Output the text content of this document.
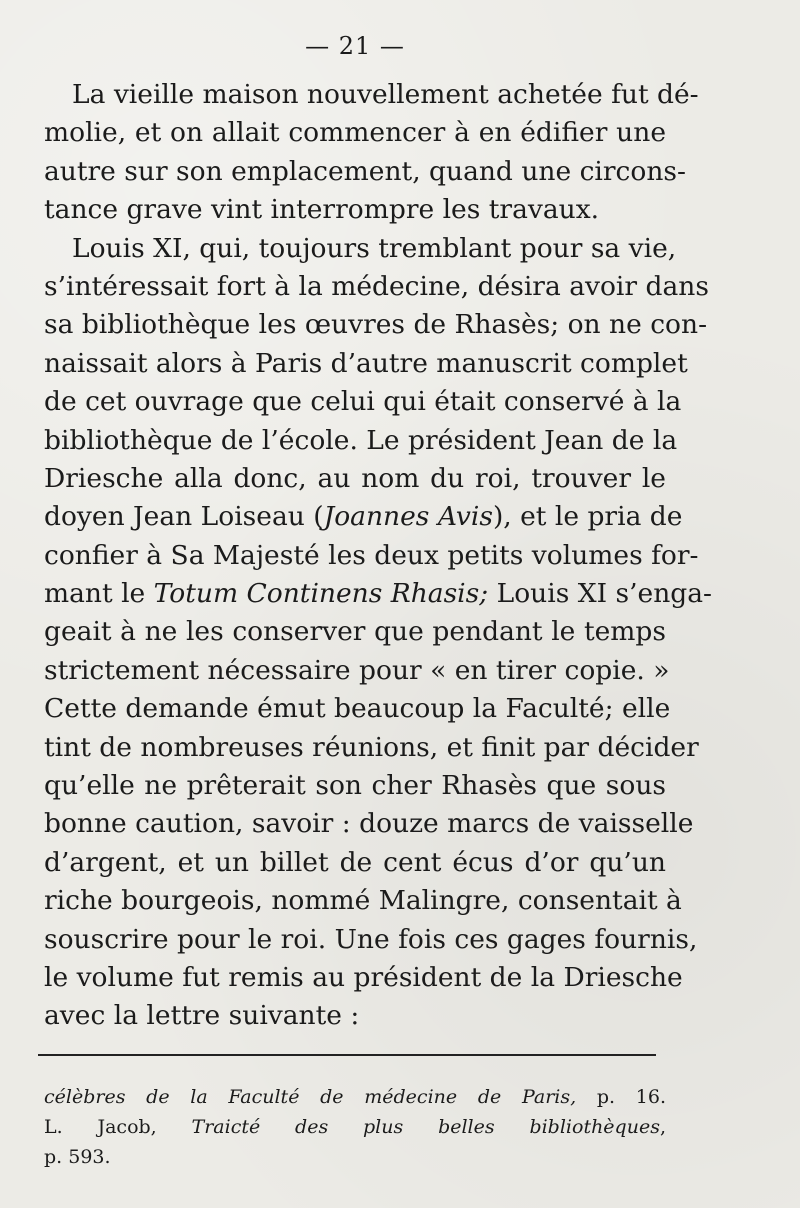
— 21 —
La vieille maison nouvellement achetée fut dé-
molie, et on allait commencer à en édifier une
autre sur son emplacement, quand une circons-
tance grave vint interrompre les travaux.
Louis XI, qui, toujours tremblant pour sa vie,
s’intéressait fort à la médecine, désira avoir dans
sa bibliothèque les œuvres de Rhasès; on ne con-
naissait alors à Paris d’autre manuscrit complet
de cet ouvrage que celui qui était conservé à la
bibliothèque de l’école. Le président Jean de la
Driesche alla donc, au nom du roi, trouver le
doyen Jean Loiseau (Joannes Avis), et le pria de
confier à Sa Majesté les deux petits volumes for-
mant le Totum Continens Rhasis; Louis XI s’enga-
geait à ne les conserver que pendant le temps
strictement nécessaire pour « en tirer copie. »
Cette demande émut beaucoup la Faculté; elle
tint de nombreuses réunions, et finit par décider
qu’elle ne prêterait son cher Rhasès que sous
bonne caution, savoir : douze marcs de vaisselle
d’argent, et un billet de cent écus d’or qu’un
riche bourgeois, nommé Malingre, consentait à
souscrire pour le roi. Une fois ces gages fournis,
le volume fut remis au président de la Driesche
avec la lettre suivante :
célèbres de la Faculté de médecine de Paris, p. 16.
L. Jacob, Traicté des plus belles bibliothèques,
p. 593.
